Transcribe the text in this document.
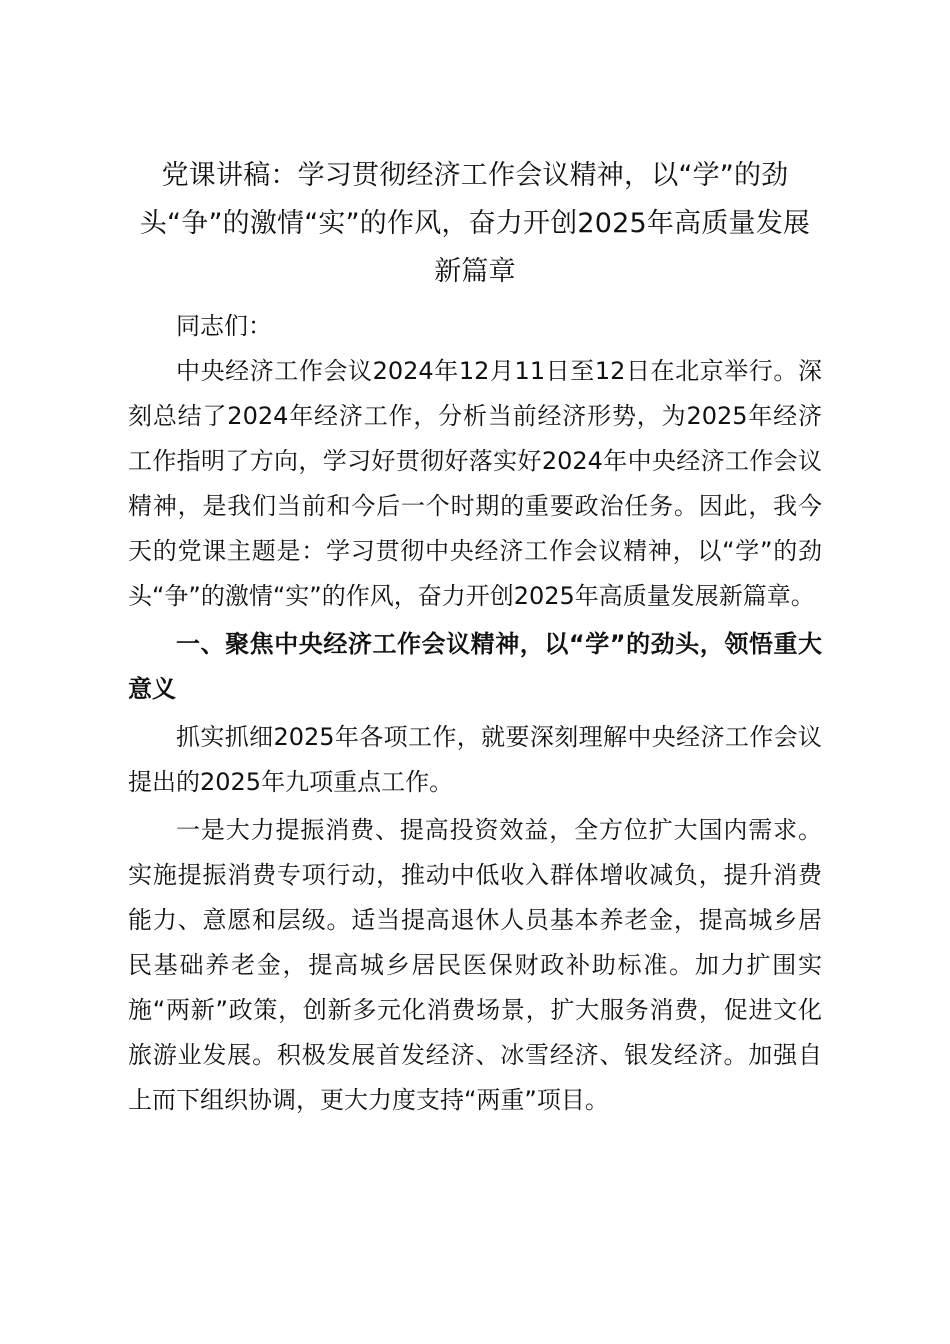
党课讲稿：学习贯彻经济工作会议精神，以“学”的劲头“争”的激情“实”的作风，奋力开创2025年高质量发展新篇章

同志们：

中央经济工作会议2024年12月11日至12日在北京举行。深刻总结了2024年经济工作，分析当前经济形势，为2025年经济工作指明了方向，学习好贯彻好落实好2024年中央经济工作会议精神，是我们当前和今后一个时期的重要政治任务。因此，我今天的党课主题是：学习贯彻中央经济工作会议精神，以“学”的劲头“争”的激情“实”的作风，奋力开创2025年高质量发展新篇章。

一、聚焦中央经济工作会议精神，以“学”的劲头，领悟重大意义

抓实抓细2025年各项工作，就要深刻理解中央经济工作会议提出的2025年九项重点工作。

一是大力提振消费、提高投资效益，全方位扩大国内需求。实施提振消费专项行动，推动中低收入群体增收减负，提升消费能力、意愿和层级。适当提高退休人员基本养老金，提高城乡居民基础养老金，提高城乡居民医保财政补助标准。加力扩围实施“两新”政策，创新多元化消费场景，扩大服务消费，促进文化旅游业发展。积极发展首发经济、冰雪经济、银发经济。加强自上而下组织协调，更大力度支持“两重”项目。
